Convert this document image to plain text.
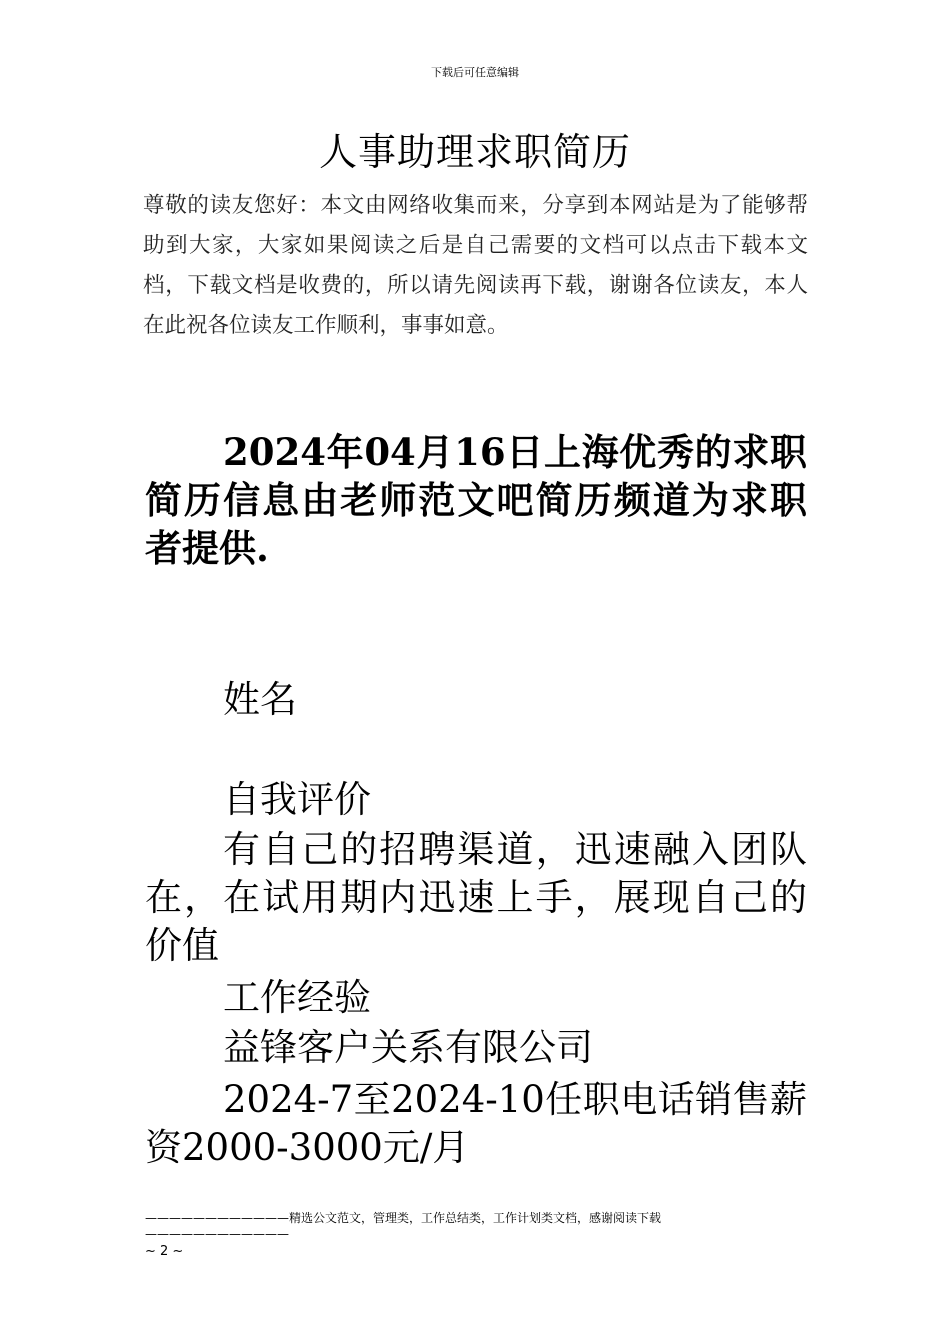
下载后可任意编辑
人事助理求职简历
尊敬的读友您好：本文由网络收集而来，分享到本网站是为了能够帮助到大家，大家如果阅读之后是自己需要的文档可以点击下载本文档，下载文档是收费的，所以请先阅读再下载，谢谢各位读友，本人在此祝各位读友工作顺利，事事如意。
2024年04月16日上海优秀的求职简历信息由老师范文吧简历频道为求职者提供.
姓名
自我评价
有自己的招聘渠道，迅速融入团队在，在试用期内迅速上手，展现自己的价值
工作经验
益锋客户关系有限公司
2024-7至2024-10任职电话销售薪资2000-3000元/月
————————————精选公文范文，管理类，工作总结类，工作计划类文档，感谢阅读下载————————————
~ 2 ~
